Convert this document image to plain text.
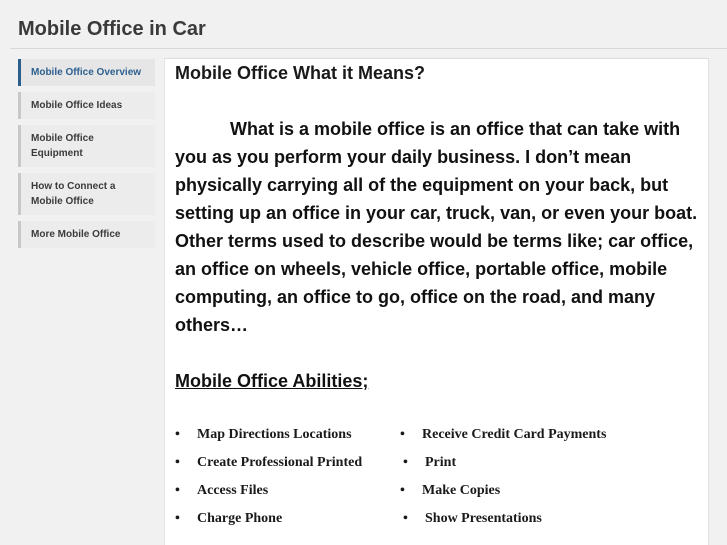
Mobile Office in Car
Mobile Office Overview
Mobile Office Ideas
Mobile Office Equipment
How to Connect a Mobile Office
More Mobile Office
Mobile Office What it Means?

What is a mobile office is an office that can take with you as you perform your daily business. I don’t mean physically carrying all of the equipment on your back, but setting up an office in your car, truck, van, or even your boat. Other terms used to describe would be terms like; car office, an office on wheels, vehicle office, portable office, mobile computing, an office to go, office on the road, and many others…

Mobile Office Abilities;
• Map Directions Locations	• Receive Credit Card Payments
• Create Professional Printed	• Print
• Access Files	• Make Copies
• Charge Phone	• Show Presentations
